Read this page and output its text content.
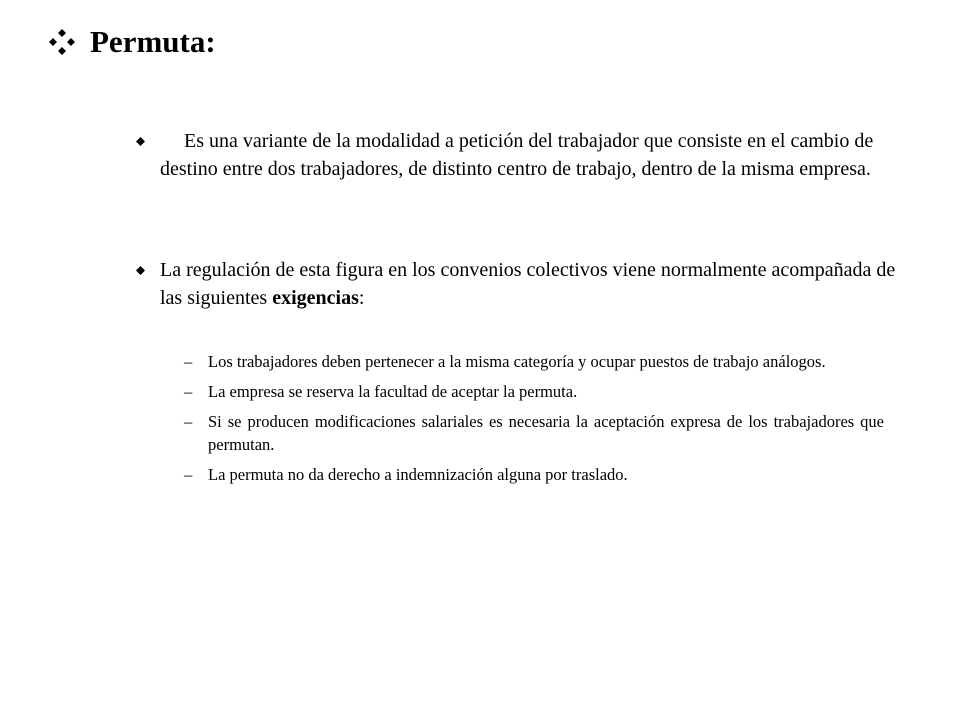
Permuta:
Es una variante de la modalidad a petición del trabajador que consiste en el cambio de destino entre dos trabajadores, de distinto centro de trabajo, dentro de la misma empresa.
La regulación de esta figura en los convenios colectivos viene normalmente acompañada de las siguientes exigencias:
– Los trabajadores deben pertenecer a la misma categoría y ocupar puestos de trabajo análogos.
– La empresa se reserva la facultad de aceptar la permuta.
– Si se producen modificaciones salariales es necesaria la aceptación expresa de los trabajadores que permutan.
– La permuta no da derecho a indemnización alguna por traslado.
